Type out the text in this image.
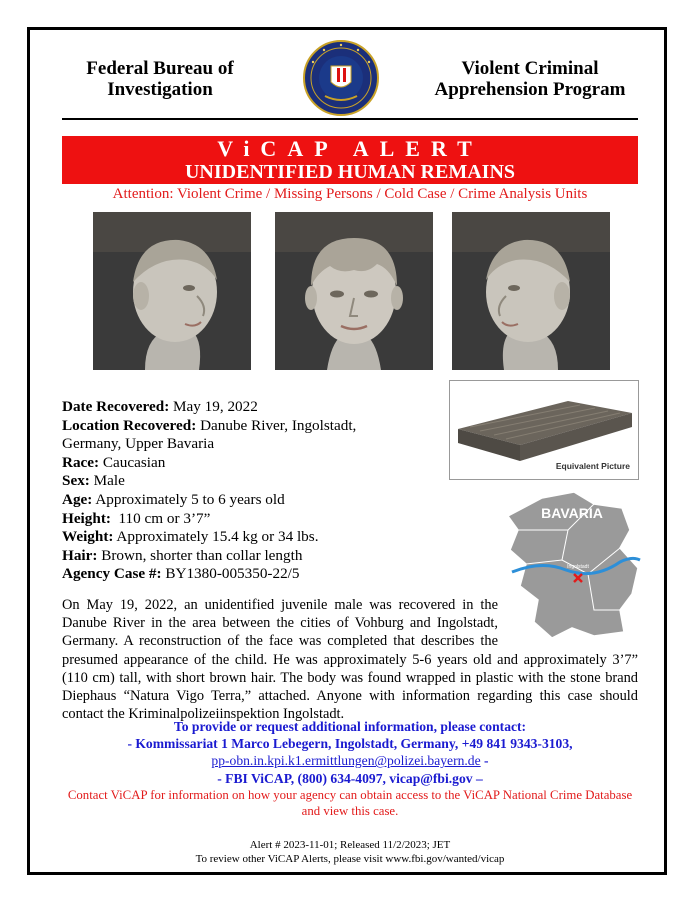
Federal Bureau of
Investigation
Violent Criminal
Apprehension Program
ViCAP ALERT
UNIDENTIFIED HUMAN REMAINS
Attention: Violent Crime / Missing Persons / Cold Case / Crime Analysis Units
Date Recovered: May 19, 2022
Location Recovered: Danube River, Ingolstadt,
Germany, Upper Bavaria
Race: Caucasian
Sex: Male
Age: Approximately 5 to 6 years old
Height:  110 cm or 3’7”
Weight: Approximately 15.4 kg or 34 lbs.
Hair: Brown, shorter than collar length
Agency Case #: BY1380-005350-22/5
Equivalent Picture
BAVARIA
Ingolstadt
On May 19, 2022, an unidentified juvenile male was recovered in the
Danube River in the area between the cities of Vohburg and Ingolstadt,
Germany. A reconstruction of the face was completed that describes the
presumed appearance of the child. He was approximately 5-6 years old and approximately 3’7” (110 cm) tall, with short brown hair. The body was found wrapped in plastic with the stone brand Diephaus “Natura Vigo Terra,” attached. Anyone with information regarding this case should contact the Kriminalpolizeiinspektion Ingolstadt.
To provide or request additional information, please contact:
- Kommissariat 1 Marco Lebegern, Ingolstadt, Germany, +49 841 9343-3103,
pp-obn.in.kpi.k1.ermittlungen@polizei.bayern.de -
- FBI ViCAP, (800) 634-4097, vicap@fbi.gov –
Contact ViCAP for information on how your agency can obtain access to the ViCAP National Crime Database and view this case.
Alert # 2023-11-01; Released 11/2/2023; JET
To review other ViCAP Alerts, please visit www.fbi.gov/wanted/vicap
